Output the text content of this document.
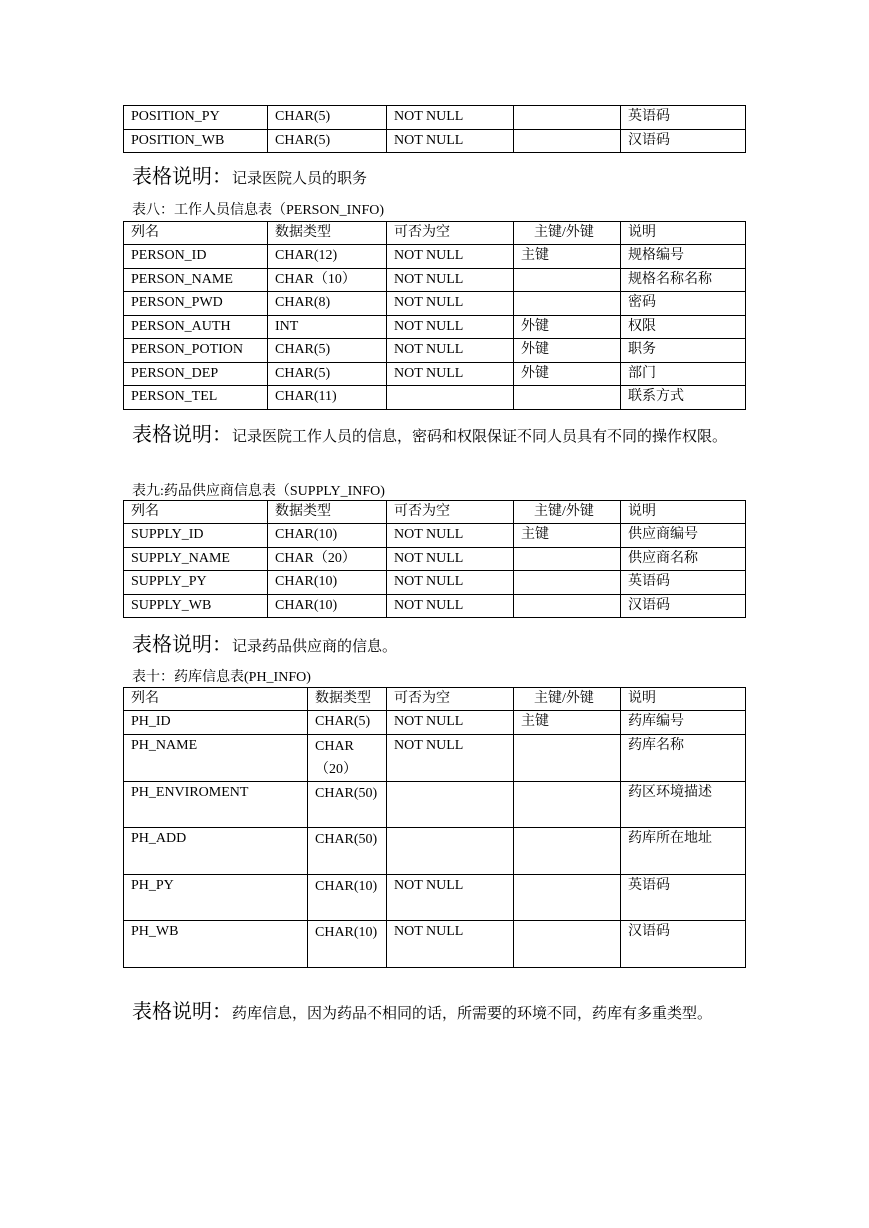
POSITION_PY	CHAR(5)	NOT NULL		英语码
POSITION_WB	CHAR(5)	NOT NULL		汉语码
表格说明：记录医院人员的职务
表八：工作人员信息表（PERSON_INFO)
列名	数据类型	可否为空	主键/外键	说明
PERSON_ID	CHAR(12)	NOT NULL	主键	规格编号
PERSON_NAME	CHAR（10）	NOT NULL		规格名称名称
PERSON_PWD	CHAR(8)	NOT NULL		密码
PERSON_AUTH	INT	NOT NULL	外键	权限
PERSON_POTION	CHAR(5)	NOT NULL	外键	职务
PERSON_DEP	CHAR(5)	NOT NULL	外键	部门
PERSON_TEL	CHAR(11)			联系方式
表格说明：记录医院工作人员的信息，密码和权限保证不同人员具有不同的操作权限。
表九:药品供应商信息表（SUPPLY_INFO)
列名	数据类型	可否为空	主键/外键	说明
SUPPLY_ID	CHAR(10)	NOT NULL	主键	供应商编号
SUPPLY_NAME	CHAR（20）	NOT NULL		供应商名称
SUPPLY_PY	CHAR(10)	NOT NULL		英语码
SUPPLY_WB	CHAR(10)	NOT NULL		汉语码
表格说明：记录药品供应商的信息。
表十：药库信息表(PH_INFO)
列名	数据类型	可否为空	主键/外键	说明
PH_ID	CHAR(5)	NOT NULL	主键	药库编号
PH_NAME	CHAR（20）	NOT NULL		药库名称
PH_ENVIROMENT	CHAR(50)			药区环境描述
PH_ADD	CHAR(50)			药库所在地址
PH_PY	CHAR(10)	NOT NULL		英语码
PH_WB	CHAR(10)	NOT NULL		汉语码
表格说明：药库信息，因为药品不相同的话，所需要的环境不同，药库有多重类型。
